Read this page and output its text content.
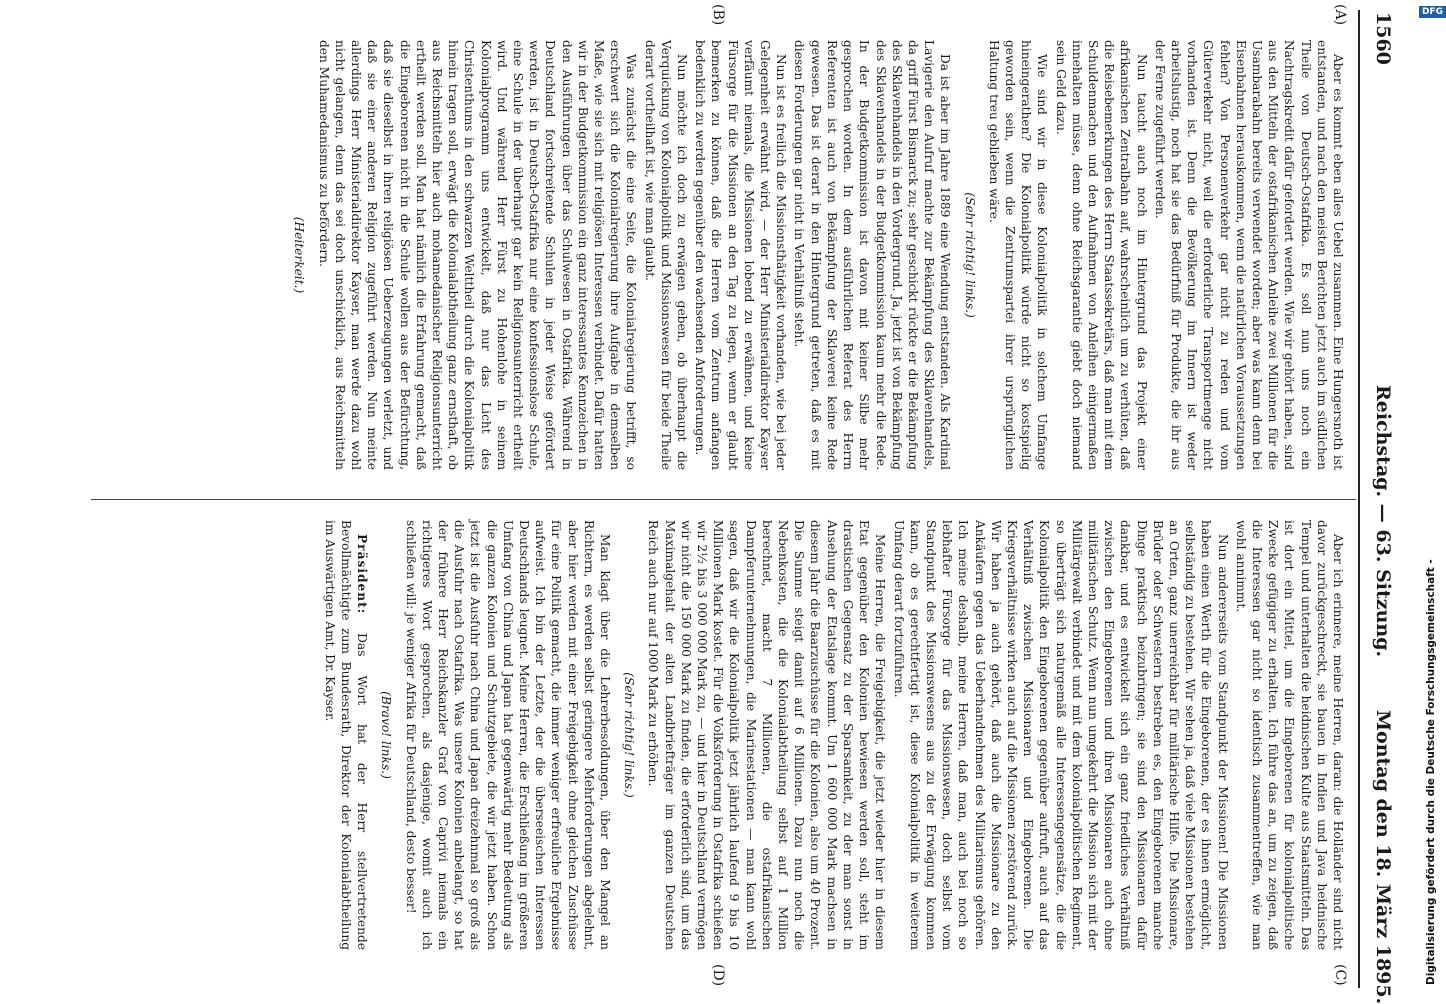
1560
Reichstag. — 63. Sitzung.
Montag den 18. März 1895.
(A)
(B)
(C)
(D)

Aber es kommt eben alles Uebel zusammen. Eine Hungersnoth ist entstanden, und nach den meisten Berichten jetzt auch im südlichen Theile von Deutsch-Ostafrika. Es soll nun uns noch ein Nachtragskredit dafür gefordert werden. Wie wir gehört haben, sind aus den Mitteln der ostafrikanischen Anleihe zwei Millionen für die Usambarabahn bereits verwendet worden; aber was kann denn bei Eisenbahnen herauskommen, wenn die natürlichen Voraussetzungen fehlen? Von Personenverkehr gar nicht zu reden und vom Güterverkehr nicht, weil die erforderliche Transportmenge nicht vorhanden ist. Denn die Bevölkerung im Innern ist weder arbeitslustig, noch hat sie das Bedürfniß für Produkte, die ihr aus der Ferne zugeführt werden.

Nun taucht auch noch im Hintergrund das Projekt einer afrikanischen Zentralbahn auf, wahrscheinlich um zu verhüten, daß die Reisebemerkungen des Herrn Staatssekretärs, daß man mit dem Schuldenmachen und den Aufnahmen von Anleihen einigermaßen innehalten müsse, denn ohne Reichsgarantie giebt doch niemand sein Geld dazu.

Wie sind wir in diese Kolonialpolitik in solchem Umfange hineingerathen? Die Kolonialpolitik würde nicht so kostspielig geworden sein, wenn die Zentrumspartei ihrer ursprünglichen Haltung treu geblieben wäre.

(Sehr richtig! links.)

Da ist aber im Jahre 1889 eine Wendung entstanden. Als Kardinal Lavigerie den Aufruf machte zur Bekämpfung des Sklavenhandels, da griff Fürst Bismarck zu; sehr geschickt rückte er die Bekämpfung des Sklavenhandels in den Vordergrund. Ja, jetzt ist von Bekämpfung des Sklavenhandels in der Budgetkommission kaum mehr die Rede. In der Budgetkommission ist davon mit keiner Silbe mehr gesprochen worden. In dem ausführlichen Referat des Herrn Referenten ist auch von Bekämpfung der Sklaverei keine Rede gewesen. Das ist derart in den Hintergrund getreten, daß es mit diesen Forderungen gar nicht in Verhältniß steht.

Nun ist es freilich die Missionsthätigkeit vorhanden, wie bei jeder Gelegenheit erwähnt wird, — der Herr Ministerialdirektor Kayser verfäumt niemals, die Missionen lobend zu erwähnen, und keine Fürsorge für die Missionen an den Tag zu legen, wenn er glaubt bemerken zu können, daß die Herren vom Zentrum anfangen bedenklich zu werden gegenüber den wachsenden Anforderungen.

Nun möchte ich doch zu erwägen geben, ob überhaupt die Verquickung von Kolonialpolitik und Missionswesen für beide Theile derart vortheilhaft ist, wie man glaubt.

Was zunächst die eine Seite, die Kolonialregierung betrifft, so erschwert sich die Kolonialregierung ihre Aufgabe in demselben Maße, wie sie sich mit religiösen Interessen verbindet. Dafür hatten wir in der Budgetkommission ein ganz interessantes Kennzeichen in den Ausführungen über das Schulwesen in Ostafrika. Während in Deutschland fortschreitende Schulen in jeder Weise gefördert werden, ist in Deutsch-Ostafrika nur eine konfessionslose Schule, eine Schule in der überhaupt gar kein Religionsunterricht ertheilt wird. Und während Herr Fürst zu Hohenlohe in seinem Kolonialprogramm uns entwickelt, daß nur das Licht des Christenthums in den schwarzen Welttheil durch die Kolonialpolitik hinein tragen soll, erwägt die Kolonialabtheilung ganz ernsthaft, ob aus Reichsmitteln hier auch mohamedanischer Religionsunterricht ertheilt werden soll. Man hat nämlich die Erfahrung gemacht, daß die Eingeborenen nicht in die Schule wollen aus der Befürchtung, daß sie dieselbst in ihren religiösen Ueberzeugungen verletzt, und daß sie einer anderen Religion zugeführt werden. Nun meinte allerdings Herr Ministerialdirektor Kayser, man werde dazu wohl nicht gelangen, denn das sei doch unschicklich, aus Reichsmitteln den Muhamedanismus zu befördern.

(Heiterkeit.)

Aber ich erinnere, meine Herren, daran: die Holländer sind nicht davor zurückgeschreckt, sie bauen in Indien und Java heidnische Tempel und unterhalten die heidnischen Kulte aus Staatsmitteln. Das ist dort ein Mittel, um die Eingeborenen für kolonialpolitische Zwecke gefügiger zu erhalten. Ich führe das an, um zu zeigen, daß die Interessen gar nicht so identisch zusammentreffen, wie man wohl annimmt.

Nun andererseits vom Standpunkt der Missionen! Die Missionen haben einen Werth für die Eingeborenen, der es ihnen ermöglicht, selbständig zu bestehen. Wir sehen ja, daß viele Missionen bestehen an Orten, ganz unerreichbar für militärische Hilfe. Die Missionare, Brüder oder Schwestern bestreben es, den Eingeborenen manche Dinge praktisch beizubringen; sie sind den Missionaren dafür dankbar, und es entwickelt sich ein ganz friedliches Verhältniß zwischen den Eingeborenen und ihren Missionaren auch ohne militärischen Schutz. Wenn nun umgekehrt die Mission sich mit der Militärgewalt verbindet und mit dem kolonialpolitischen Regiment, so überträgt sich naturgemäß alle Interessengegensätze, die die Kolonialpolitik den Eingeborenen gegenüber aufruft, auch auf das Verhältniß zwischen Missionaren und Eingeborenen. Die Kriegsverhältnisse wirken auch auf die Missionen zerstörend zurück. Wir haben ja auch gehört, daß auch die Missionare zu den Ankäufern gegen das Ueberhandnehmen des Militarismus gehören. Ich meine deshalb, meine Herren, daß man, auch bei noch so lebhafter Fürsorge für das Missionswesen, doch selbst vom Standpunkt des Missionswesens aus zu der Erwägung kommen kann, ob es gerechtfertigt ist, diese Kolonialpolitik in weiterem Umfang derart fortzuführen.

Meine Herren, die Freigebigkeit, die jetzt wieder hier in diesem Etat gegenüber den Kolonien bewiesen werden soll, steht im drastischen Gegensatz zu der Sparsamkeit, zu der man sonst in Ansehung der Etatslage kommt. Um 1 600 000 Mark machsen in diesem Jahr die Baarzuschüsse für die Kolonien, also um 40 Prozent. Die Summe steigt damit auf 6 Millionen. Dazu nun noch die Nebenkosten, die die Kolonialabtheilung selbst auf 1 Million berechnet, macht 7 Millionen, die ostafrikanischen Dampferunternehmungen, die Marinestationen — man kann wohl sagen, daß wir die Kolonialpolitik jetzt jährlich laufend 9 bis 10 Millionen Mark kostet. Für die Volksförderung in Ostafrika schießen wir 2½ bis 3 000 000 Mark zu, — und hier in Deutschland vermögen wir nicht die 150 000 Mark zu finden, die erforderlich sind, um das Maximalgehalt der alten Landbriefträger im ganzen Deutschen Reich auch nur auf 1000 Mark zu erhöhen.

(Sehr richtig! links.)

Man klagt über die Lehrerbesoldungen, über den Mangel an Richtern, es werden selbst geringere Mehrforderungen abgelehnt, aber hier werden mit einer Freigebigkeit ohne gleichen Zuschüsse für eine Politik gemacht, die immer weniger erfreuliche Ergebnisse aufweist. Ich bin der Letzte, der die überseeischen Interessen Deutschlands leugnet. Meine Herren, die Erschließung im größeren Umfang von China und Japan hat gegenwärtig mehr Bedeutung als die ganzen Kolonien und Schutzgebiete, die wir jetzt haben. Schon jetzt ist die Ausfuhr nach China und Japan dreizehnmal so groß als die Ausfuhr nach Ostafrika. Was unsere Kolonien anbelangt, so hat der frühere Herr Reichskanzler Graf von Caprivi niemals ein richtigeres Wort gesprochen, als dasjenige, womit auch ich schließen will: je weniger Afrika für Deutschland, desto besser!

(Bravo! links.)

Präsident: Das Wort hat der Herr stellvertretende Bevollmächtigte zum Bundesrath, Direktor der Kolonialabtheilung im Auswärtigen Amt, Dr. Kayser.	Digitalisierung gefördert durch die Deutsche Forschungsgemeinschaft -
DFG
